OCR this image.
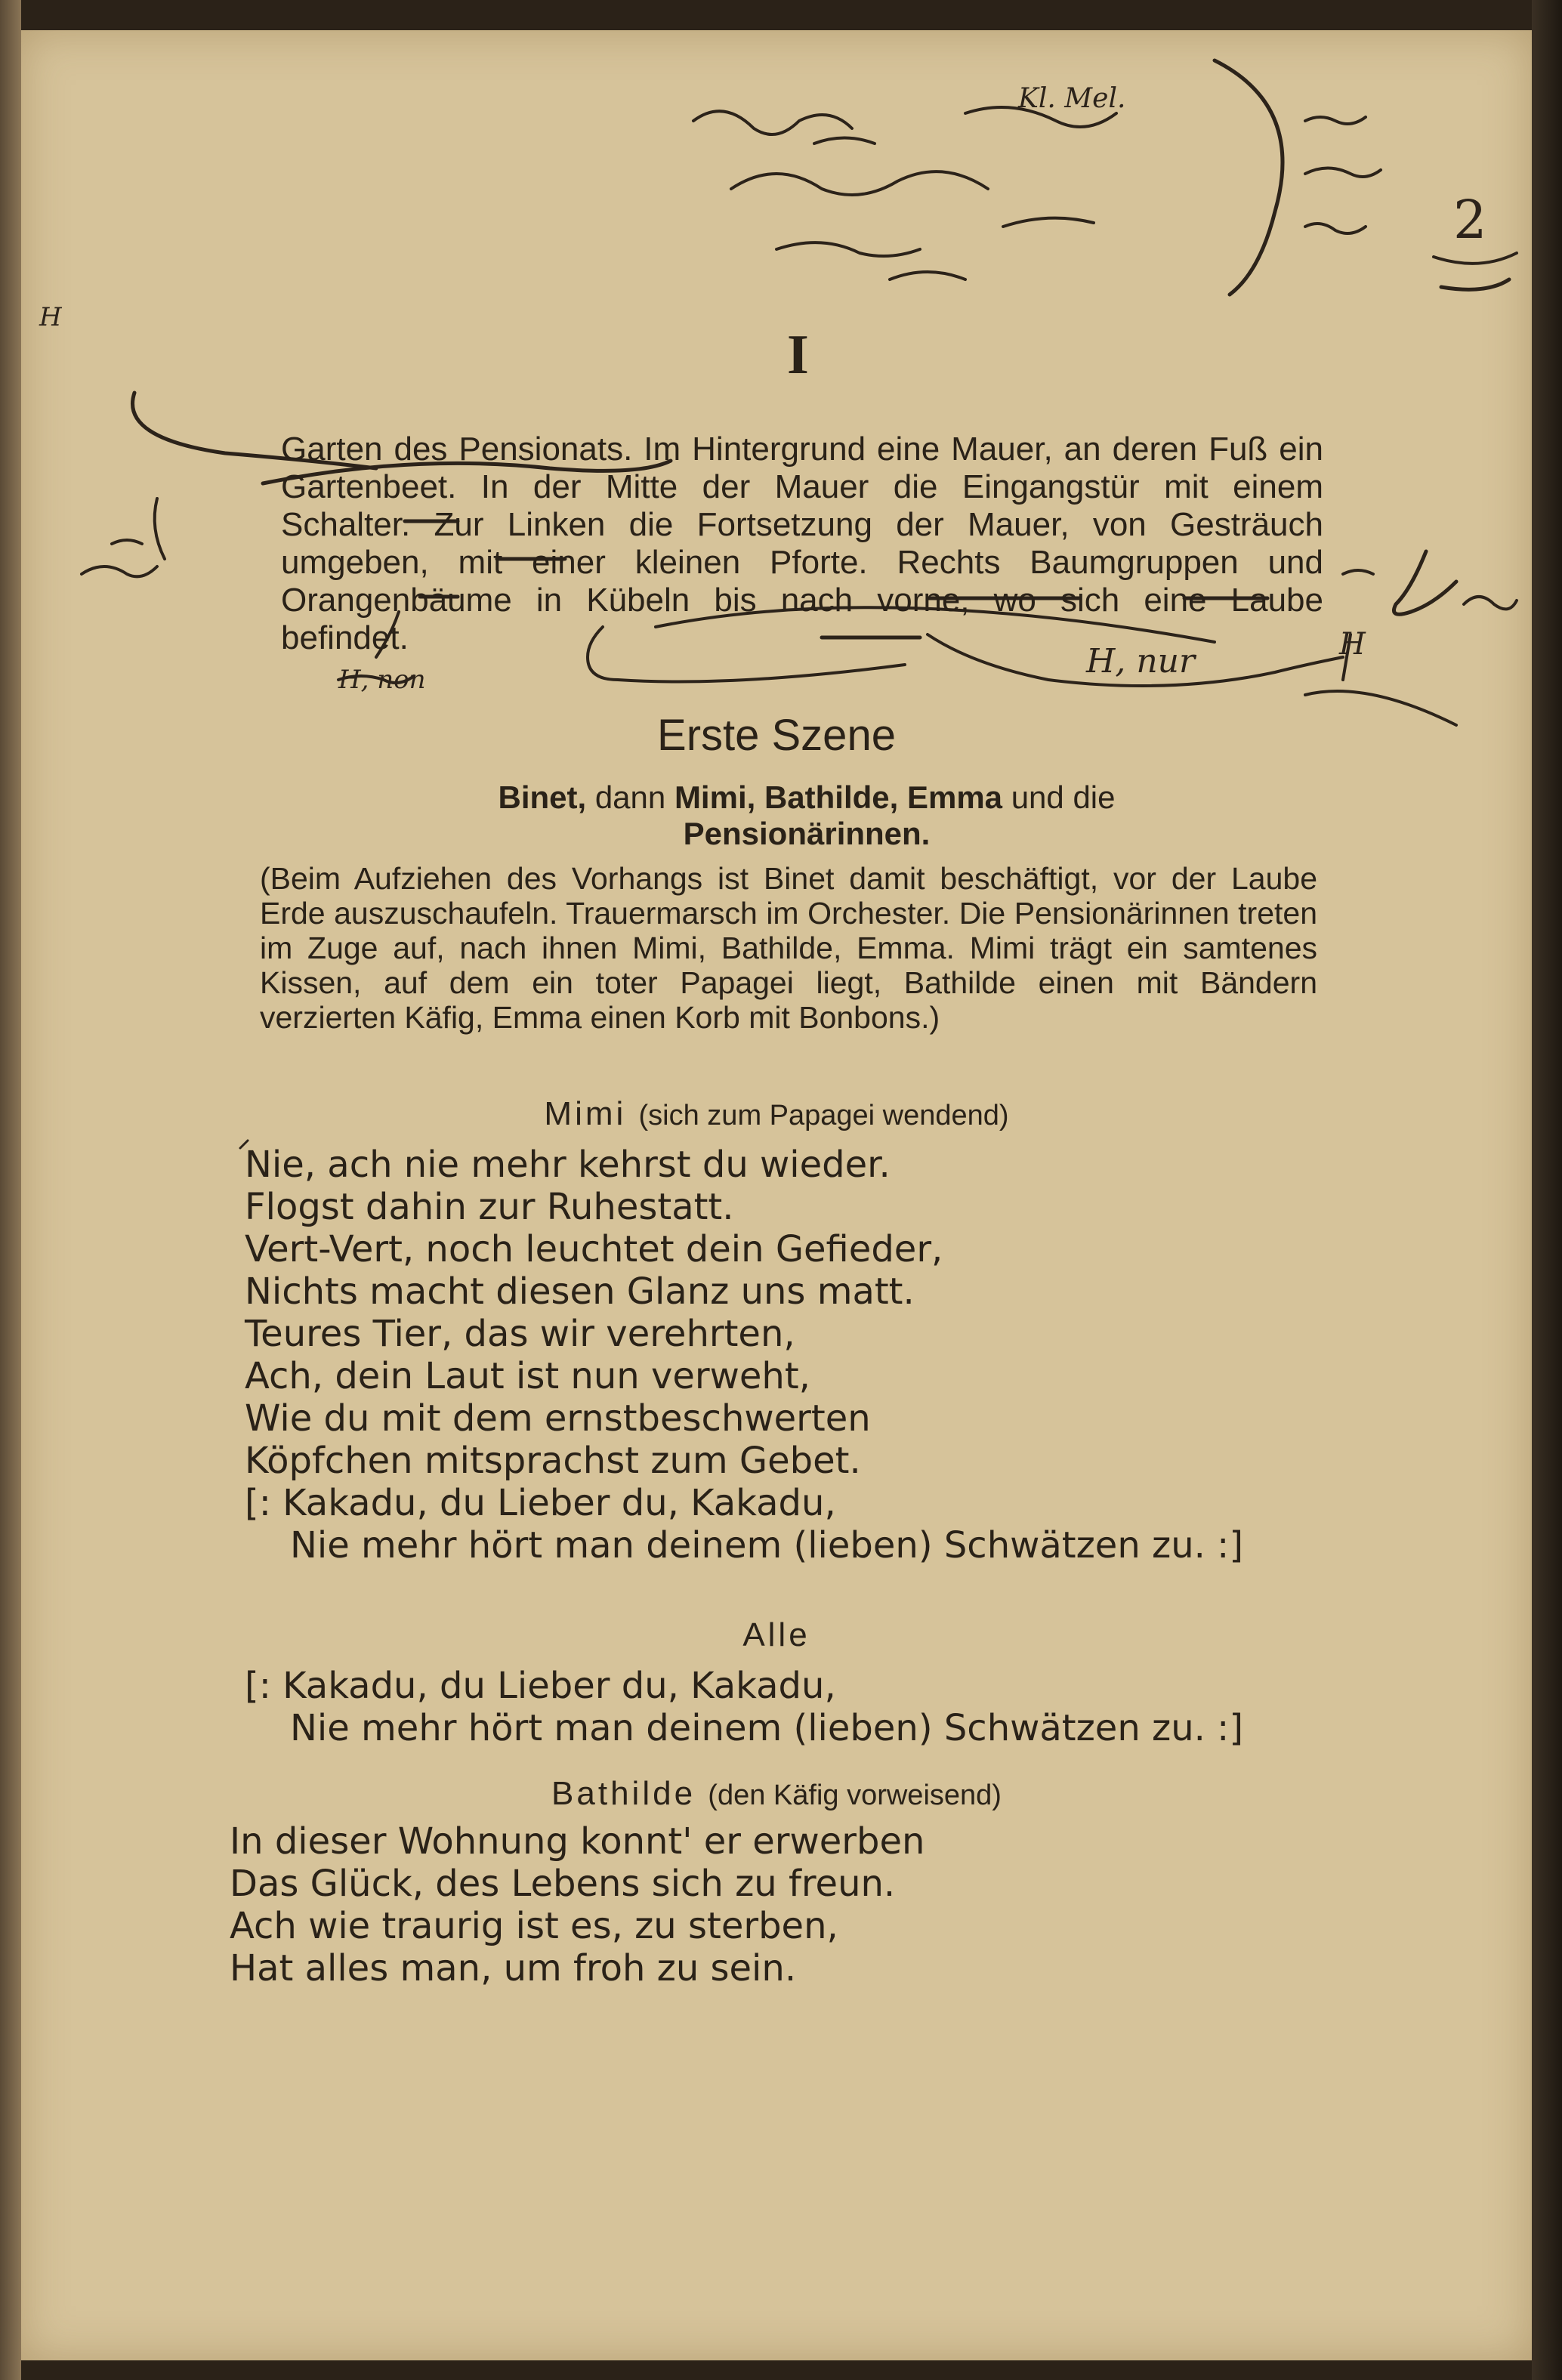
Kl. Mel.
2
H
H, non
H
H, nur
I
Garten des Pensionats. Im Hintergrund eine Mauer, an deren Fuß ein Gartenbeet. In der Mitte der Mauer die Eingangstür mit einem Schalter. Zur Linken die Fortsetzung der Mauer, von Gesträuch umgeben, mit einer kleinen Pforte. Rechts Baumgruppen und Orangenbäume in Kübeln bis nach vorne, wo sich eine Laube befindet.
Erste Szene
Binet, dann Mimi, Bathilde, Emma und die
Pensionärinnen.
(Beim Aufziehen des Vorhangs ist Binet damit beschäftigt, vor der Laube Erde auszuschaufeln. Trauermarsch im Orchester. Die Pensionärinnen treten im Zuge auf, nach ihnen Mimi, Bathilde, Emma. Mimi trägt ein samtenes Kissen, auf dem ein toter Papagei liegt, Bathilde einen mit Bändern verzierten Käfig, Emma einen Korb mit Bonbons.)
Mimi (sich zum Papagei wendend)
Nie, ach nie mehr kehrst du wieder.
Flogst dahin zur Ruhestatt.
Vert-Vert, noch leuchtet dein Gefieder,
Nichts macht diesen Glanz uns matt.
Teures Tier, das wir verehrten,
Ach, dein Laut ist nun verweht,
Wie du mit dem ernstbeschwerten
Köpfchen mitsprachst zum Gebet.
[: Kakadu, du Lieber du, Kakadu,
Nie mehr hört man deinem (lieben) Schwätzen zu. :]
Alle
[: Kakadu, du Lieber du, Kakadu,
Nie mehr hört man deinem (lieben) Schwätzen zu. :]
Bathilde (den Käfig vorweisend)
In dieser Wohnung konnt' er erwerben
Das Glück, des Lebens sich zu freun.
Ach wie traurig ist es, zu sterben,
Hat alles man, um froh zu sein.
